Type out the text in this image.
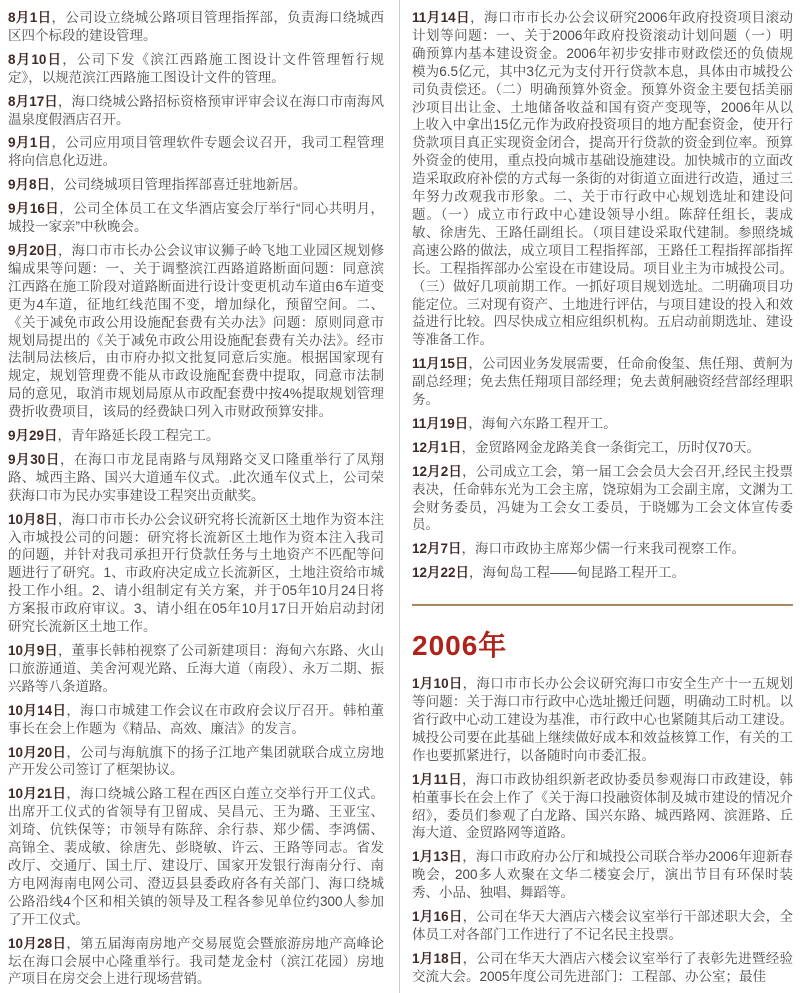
8月1日，公司设立绕城公路项目管理指挥部，负责海口绕城西区四个标段的建设管理。

8月10日，公司下发《滨江西路施工图设计文件管理暂行规定》，以规范滨江西路施工图设计文件的管理。

8月17日，海口绕城公路招标资格预审评审会议在海口市南海风温泉度假酒店召开。

9月1日，公司应用项目管理软件专题会议召开，我司工程管理将向信息化迈进。

9月8日，公司绕城项目管理指挥部喜迁驻地新居。

9月16日，公司全体员工在文华酒店宴会厅举行“同心共明月，城投一家亲”中秋晚会。

9月20日，海口市市长办公会议审议狮子岭飞地工业园区规划修编成果等问题：一、关于调整滨江西路道路断面问题：同意滨江西路在施工阶段对道路断面进行设计变更机动车道由6车道变更为4车道，征地红线范围不变，增加绿化，预留空间。二、《关于减免市政公用设施配套费有关办法》问题：原则同意市规划局提出的《关于减免市政公用设施配套费有关办法》。经市法制局法核后，由市府办拟文批复同意后实施。根据国家现有规定，规划管理费不能从市政设施配套费中提取，同意市法制局的意见，取消市规划局原从市政配套费中按4%提取规划管理费折收费项目，该局的经费缺口列入市财政预算安排。

9月29日，青年路延长段工程完工。

9月30日，在海口市龙昆南路与凤翔路交叉口隆重举行了凤翔路、城西主路、国兴大道通车仪式。.此次通车仪式上，公司荣获海口市为民办实事建设工程突出贡献奖。

10月8日，海口市市长办公会议研究将长流新区土地作为资本注入市城投公司的问题：研究将长流新区土地作为资本注入我司的问题，并针对我司承担开行贷款任务与土地资产不匹配等问题进行了研究。1、市政府决定成立长流新区，土地注资给市城投工作小组。2、请小组制定有关方案，并于05年10月24日将方案报市政府审议。3、请小组在05年10月17日开始启动封闭研究长流新区土地工作。

10月9日，董事长韩柏视察了公司新建项目：海甸六东路、火山口旅游通道、美舍河观光路、丘海大道（南段）、永万二期、振兴路等八条道路。

10月14日，海口市城建工作会议在市政府会议厅召开。韩柏董事长在会上作题为《精品、高效、廉洁》的发言。

10月20日，公司与海航旗下的扬子江地产集团就联合成立房地产开发公司签订了框架协议。

10月21日，海口绕城公路工程在西区白莲立交举行开工仪式。出席开工仪式的省领导有卫留成、吴昌元、王为璐、王亚宝、刘琦、伉铁保等；市领导有陈辞、余行恭、郑少儒、李鸿儒、高锦全、裴成敏、徐唐先、彭晓敏、许云、王路等同志。省发改厅、交通厅、国土厅、建设厅、国家开发银行海南分行、南方电网海南电网公司、澄迈县县委政府各有关部门、海口绕城公路沿线4个区和相关镇的领导及工程各参见单位约300人参加了开工仪式。

10月28日，第五届海南房地产交易展览会暨旅游房地产高峰论坛在海口会展中心隆重举行。我司楚龙金村（滨江花园）房地产项目在房交会上进行现场营销。

11月14日，海口市市长办公会议研究2006年政府投资项目滚动计划等问题：一、关于2006年政府投资滚动计划问题（一）明确预算内基本建设资金。2006年初步安排市财政偿还的负债规模为6.5亿元，其中3亿元为支付开行贷款本息，具体由市城投公司负责偿还。（二）明确预算外资金。预算外资金主要包括美丽沙项目出让金、土地储备收益和国有资产变现等，2006年从以上收入中拿出15亿元作为政府投资项目的地方配套资金，使开行贷款项目真正实现资金闭合，提高开行贷款的资金到位率。预算外资金的使用，重点投向城市基础设施建设。加快城市的立面改造采取政府补偿的方式每一条街的对街道立面进行改造，通过三年努力改观我市形象。二、关于市行政中心规划选址和建设问题。（一）成立市行政中心建设领导小组。陈辞任组长，裴成敏、徐唐先、王路任副组长。（项目建设采取代建制。参照绕城高速公路的做法，成立项目工程指挥部，王路任工程指挥部指挥长。工程指挥部办公室设在市建设局。项目业主为市城投公司。（三）做好几项前期工作。一抓好项目规划选址。二明确项目功能定位。三对现有资产、土地进行评估，与项目建设的投入和效益进行比较。四尽快成立相应组织机构。五启动前期选址、建设等准备工作。

11月15日，公司因业务发展需要，任命俞俊玺、焦任翔、黄舸为副总经理；免去焦任翔项目部经理；免去黄舸融资经营部经理职务。

11月19日，海甸六东路工程开工。

12月1日，金贸路网金龙路美食一条街完工，历时仅70天。

12月2日，公司成立工会，第一届工会会员大会召开,经民主投票表决，任命韩东光为工会主席，饶琼娟为工会副主席，文渊为工会财务委员，冯婕为工会女工委员，于晓娜为工会文体宣传委员。

12月7日，海口市政协主席郑少儒一行来我司视察工作。

12月22日，海甸岛工程——甸昆路工程开工。

2006年

1月10日，海口市市长办公会议研究海口市安全生产十一五规划等问题：关于海口市行政中心选址搬迁问题，明确动工时机。以省行政中心动工建设为基准，市行政中心也紧随其后动工建设。城投公司要在此基础上继续做好成本和效益核算工作，有关的工作也要抓紧进行，以备随时向市委汇报。

1月11日，海口市政协组织新老政协委员参观海口市政建设，韩柏董事长在会上作了《关于海口投融资体制及城市建设的情况介绍》，委员们参观了白龙路、国兴东路、城西路网、滨涯路、丘海大道、金贸路网等道路。

1月13日，海口市政府办公厅和城投公司联合举办2006年迎新春晚会，200多人欢聚在文华二楼宴会厅，演出节目有环保时装秀、小品、独唱、舞蹈等。

1月16日，公司在华天大酒店六楼会议室举行干部述职大会，全体员工对各部门工作进行了不记名民主投票。

1月18日，公司在华天大酒店六楼会议室举行了表彰先进暨经验交流大会。2005年度公司先进部门：工程部、办公室；最佳
